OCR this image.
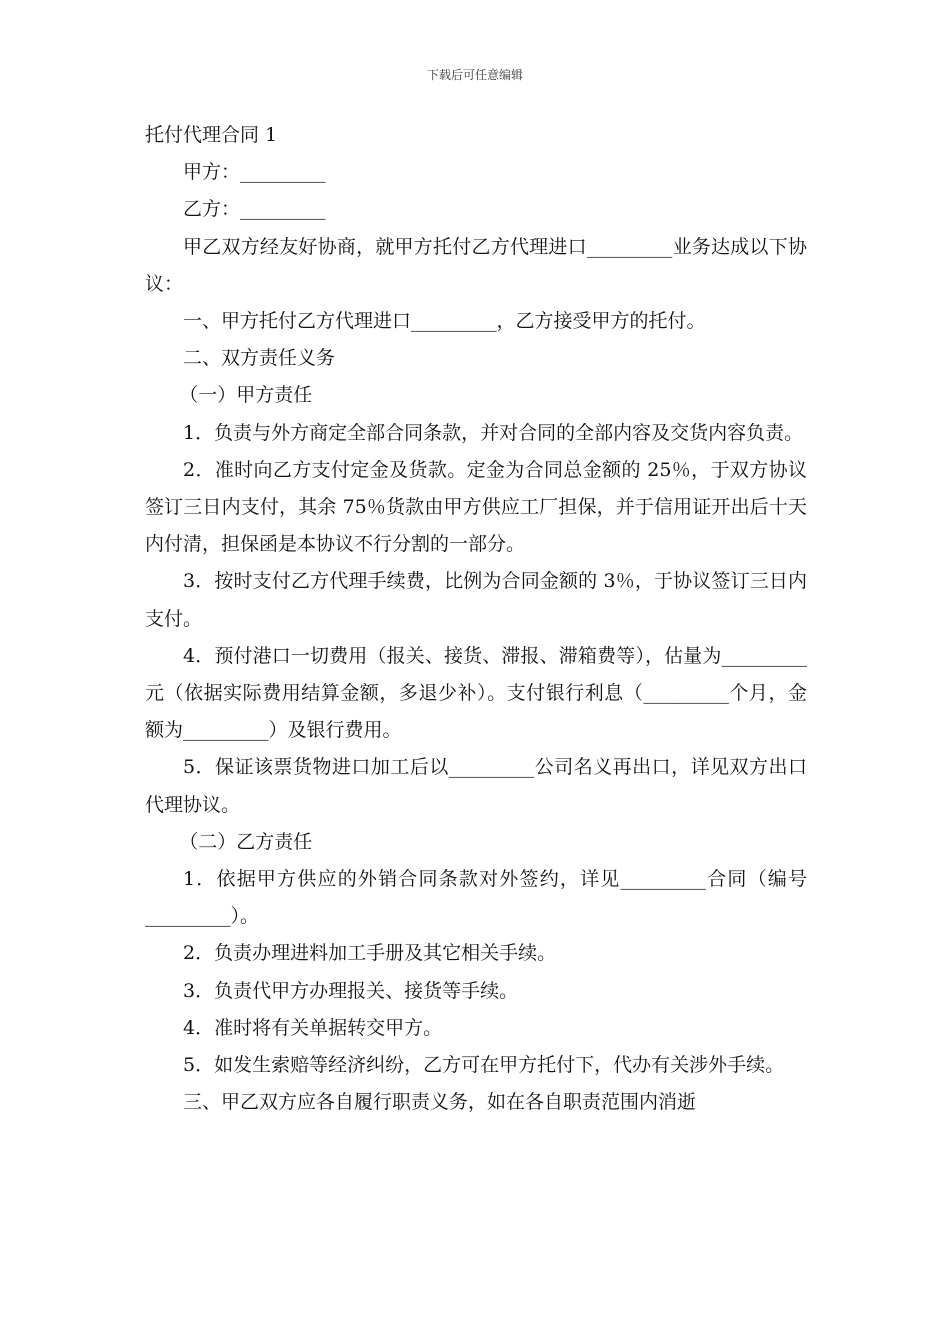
下载后可任意编辑

托付代理合同 1

甲方：_________

乙方：_________

甲乙双方经友好协商，就甲方托付乙方代理进口_________业务达成以下协议：

一、甲方托付乙方代理进口_________，乙方接受甲方的托付。

二、双方责任义务

（一）甲方责任

1．负责与外方商定全部合同条款，并对合同的全部内容及交货内容负责。

2．准时向乙方支付定金及货款。定金为合同总金额的 25％，于双方协议签订三日内支付，其余 75％货款由甲方供应工厂担保，并于信用证开出后十天内付清，担保函是本协议不行分割的一部分。

3．按时支付乙方代理手续费，比例为合同金额的 3％，于协议签订三日内支付。

4．预付港口一切费用（报关、接货、滞报、滞箱费等），估量为_________元（依据实际费用结算金额，多退少补）。支付银行利息（_________个月，金额为_________）及银行费用。

5．保证该票货物进口加工后以_________公司名义再出口，详见双方出口代理协议。

（二）乙方责任

1．依据甲方供应的外销合同条款对外签约，详见_________合同（编号_________）。

2．负责办理进料加工手册及其它相关手续。

3．负责代甲方办理报关、接货等手续。

4．准时将有关单据转交甲方。

5．如发生索赔等经济纠纷，乙方可在甲方托付下，代办有关涉外手续。

三、甲乙双方应各自履行职责义务，如在各自职责范围内消逝
